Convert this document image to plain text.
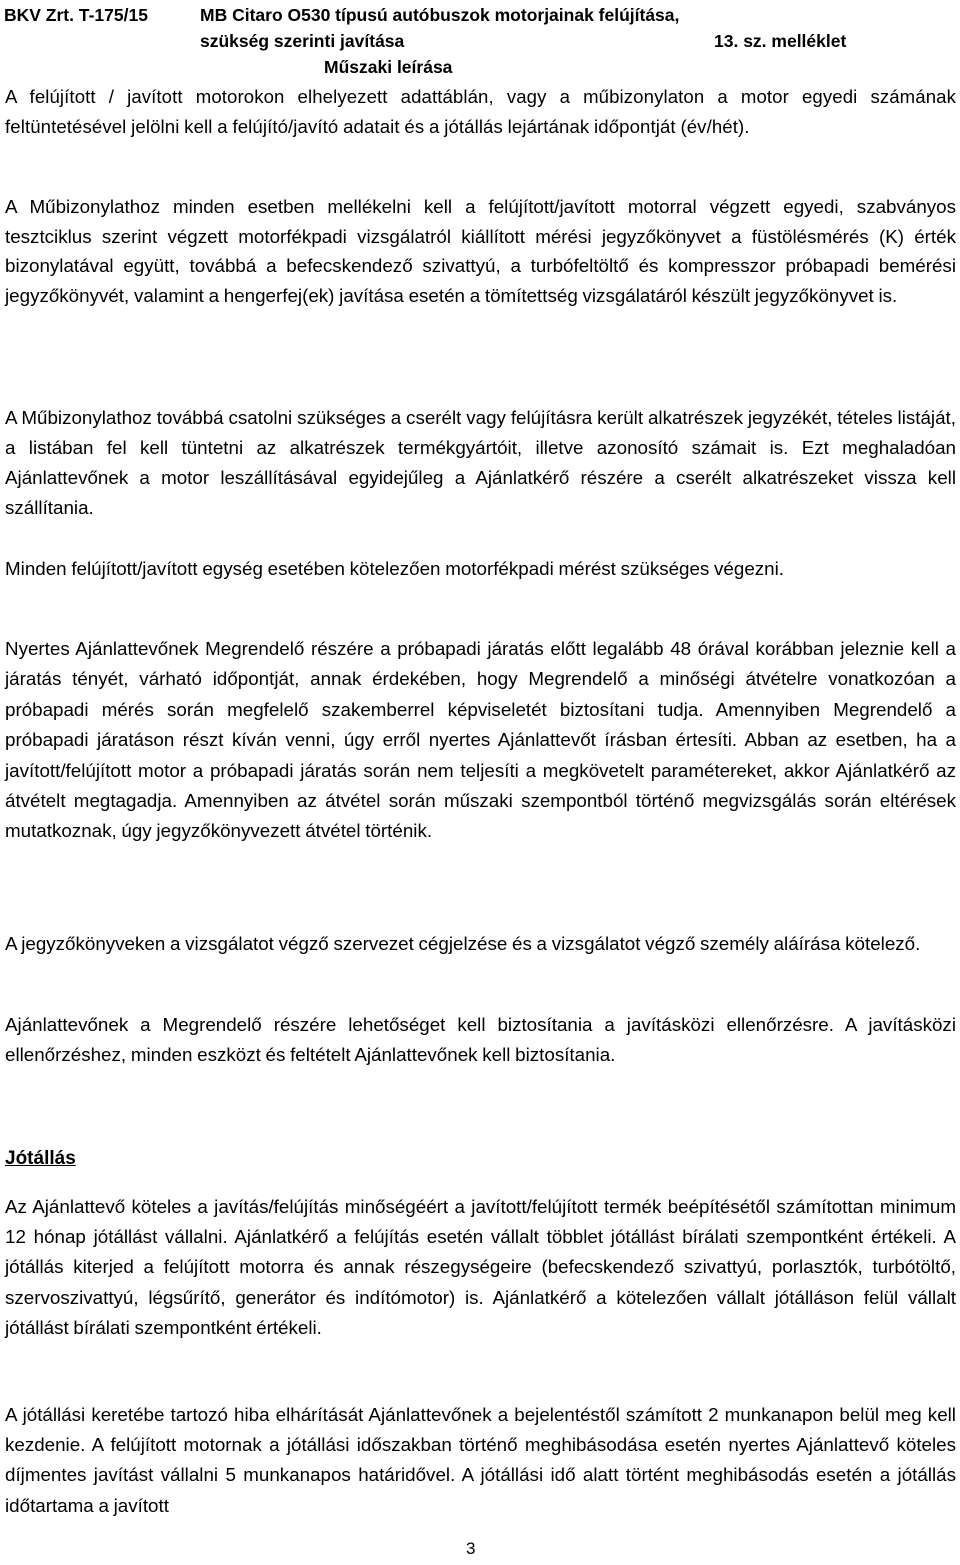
BKV Zrt. T-175/15	MB Citaro O530 típusú autóbuszok motorjainak felújítása,
szükség szerinti javítása	13. sz. melléklet
Műszaki leírása

A felújított / javított motorokon elhelyezett adattáblán, vagy a műbizonylaton a motor egyedi számának feltüntetésével jelölni kell a felújító/javító adatait és a jótállás lejártának időpontját (év/hét).

A Műbizonylathoz minden esetben mellékelni kell a felújított/javított motorral végzett egyedi, szabványos tesztciklus szerint végzett motorfékpadi vizsgálatról kiállított mérési jegyzőkönyvet a füstölésmérés (K) érték bizonylatával együtt, továbbá a befecskendező szivattyú, a turbófeltöltő és kompresszor próbapadi bemérési jegyzőkönyvét, valamint a hengerfej(ek) javítása esetén a tömítettség vizsgálatáról készült jegyzőkönyvet is.

A Műbizonylathoz továbbá csatolni szükséges a cserélt vagy felújításra került alkatrészek jegyzékét, tételes listáját, a listában fel kell tüntetni az alkatrészek termékgyártóit, illetve azonosító számait is. Ezt meghaladóan Ajánlattevőnek a motor leszállításával egyidejűleg a Ajánlatkérő részére a cserélt alkatrészeket vissza kell szállítania.

Minden felújított/javított egység esetében kötelezően motorfékpadi mérést szükséges végezni.

Nyertes Ajánlattevőnek Megrendelő részére a próbapadi járatás előtt legalább 48 órával korábban jeleznie kell a járatás tényét, várható időpontját, annak érdekében, hogy Megrendelő a minőségi átvételre vonatkozóan a próbapadi mérés során megfelelő szakemberrel képviseletét biztosítani tudja. Amennyiben Megrendelő a próbapadi járatáson részt kíván venni, úgy erről nyertes Ajánlattevőt írásban értesíti. Abban az esetben, ha a javított/felújított motor a próbapadi járatás során nem teljesíti a megkövetelt paramétereket, akkor Ajánlatkérő az átvételt megtagadja. Amennyiben az átvétel során műszaki szempontból történő megvizsgálás során eltérések mutatkoznak, úgy jegyzőkönyvezett átvétel történik.

A jegyzőkönyveken a vizsgálatot végző szervezet cégjelzése és a vizsgálatot végző személy aláírása kötelező.

Ajánlattevőnek a Megrendelő részére lehetőséget kell biztosítania a javításközi ellenőrzésre. A javításközi ellenőrzéshez, minden eszközt és feltételt Ajánlattevőnek kell biztosítania.

Jótállás

Az Ajánlattevő köteles a javítás/felújítás minőségéért a javított/felújított termék beépítésétől számítottan minimum 12 hónap jótállást vállalni. Ajánlatkérő a felújítás esetén vállalt többlet jótállást bírálati szempontként értékeli. A jótállás kiterjed a felújított motorra és annak részegységeire (befecskendező szivattyú, porlasztók, turbótöltő, szervoszivattyú, légsűrítő, generátor és indítómotor) is. Ajánlatkérő a kötelezően vállalt jótálláson felül vállalt jótállást bírálati szempontként értékeli.

A jótállási keretébe tartozó hiba elhárítását Ajánlattevőnek a bejelentéstől számított 2 munkanapon belül meg kell kezdenie. A felújított motornak a jótállási időszakban történő meghibásodása esetén nyertes Ajánlattevő köteles díjmentes javítást vállalni 5 munkanapos határidővel. A jótállási idő alatt történt meghibásodás esetén a jótállás időtartama a javított

3
